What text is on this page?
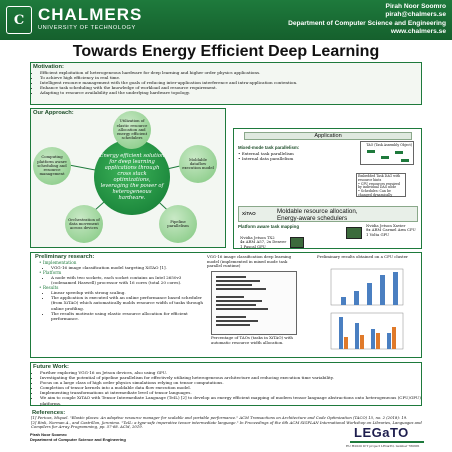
C CHALMERS
UNIVERSITY OF TECHNOLOGY
Pirah Noor Soomro
pirah@chalmers.se
Department of Computer Science and Engineering
www.chalmers.se
Towards Energy Efficient Deep Learning
Motivation:
• Efficient exploitation of heterogeneous hardware for deep learning and higher order physics applications.
• To achieve high efficiency in real time.
• Intelligent resource management with the goals of reducing inter-application interference and intra-application contention.
• Enhance task scheduling with the knowledge of workload and resource requirement.
• Adapting to resource availability and the underlying hardware topology.
Our Approach:
Energy efficient solution for deep learning applications through cross stack optimizations, leveraging the power of heterogeneous hardware.
Utilization of elastic resource allocation and energy efficient schedulers
Moldable dataflow execution model
Pipeline parallelism
Orchestration of data movement across devices
Computing platform aware scheduling and resource management
Application
Mixed-mode task parallelism:
• External task parallelism
• Internal data parallelism
TAO (Task Assembly Object)
Embedded Task DAG with resource hints
• CPU resources required by individual DAG node
• Schedules: Can be changed dynamically
XiTAO	Moldable resource allocation,
Energy-aware schedulers
Platform aware task mapping	Nvidia Jetson Xavier
8x ARM Carmel Arm CPU
1 Volta GPU
Nvidia Jetson TX2
4x ARM A57, 2x Denver
1 Pascal GPU
Preliminary research:
• Implementation
• VGG-16 image classification model targeting XiTAO [1].
• Platform
• A node with two sockets, each socket contains an Intel 2650v3 (codenamed Haswell) processor with 16 cores (total 20 cores).
• Results
• Linear speedup with strong scaling.
• The application is executed with an online performance based scheduler (from XiTAO) which automatically molds resource width of tasks through online profiling.
• The results motivate using elastic resource allocation for efficient performance.
VGG-16 image classification deep learning model (implemented in mixed mode task parallel runtime)
Percentage of TAOs (tasks in XiTAO) with automatic resource width allocation.
Preliminary results obtained on a CPU cluster
Future Work:
• Further exploring VGG-16 on Jetson devices, also using GPU.
• Investigating the potential of pipeline parallelism for effectively utilizing heterogeneous architecture and reducing execution time variability.
• Focus on a large class of high order physics simulations relying on tensor computations.
• Completion of tensor kernels into a moldable data flow execution model.
• Implementing transformations at intermediate level of tensor languages.
• We aim to couple XiTAO with Tensor Intermediate Language (TeIL) [2] to develop an energy efficient mapping of modern tensor language abstractions onto heterogeneous (CPU/GPU) platforms.
References:

[1] Pericas, Miquel. "Elastic places: An adaptive resource manager for scalable and portable performance." ACM Transactions on Architecture and Code Optimization (TACO) 15, no. 2 (2018): 19.

[2] Rink, Norman A., and Castrillon, Jeronimo. "TeIL: a type-safe imperative tensor intermediate language." In Proceedings of the 6th ACM SIGPLAN International Workshop on Libraries, Languages and Compilers for Array Programming, pp. 57-68. ACM, 2019.

Pirah Noor Soomro
Department of Computer Science and Engineering	LEGaTO
EU H2020 ICT project LEGaTO, number 780681
